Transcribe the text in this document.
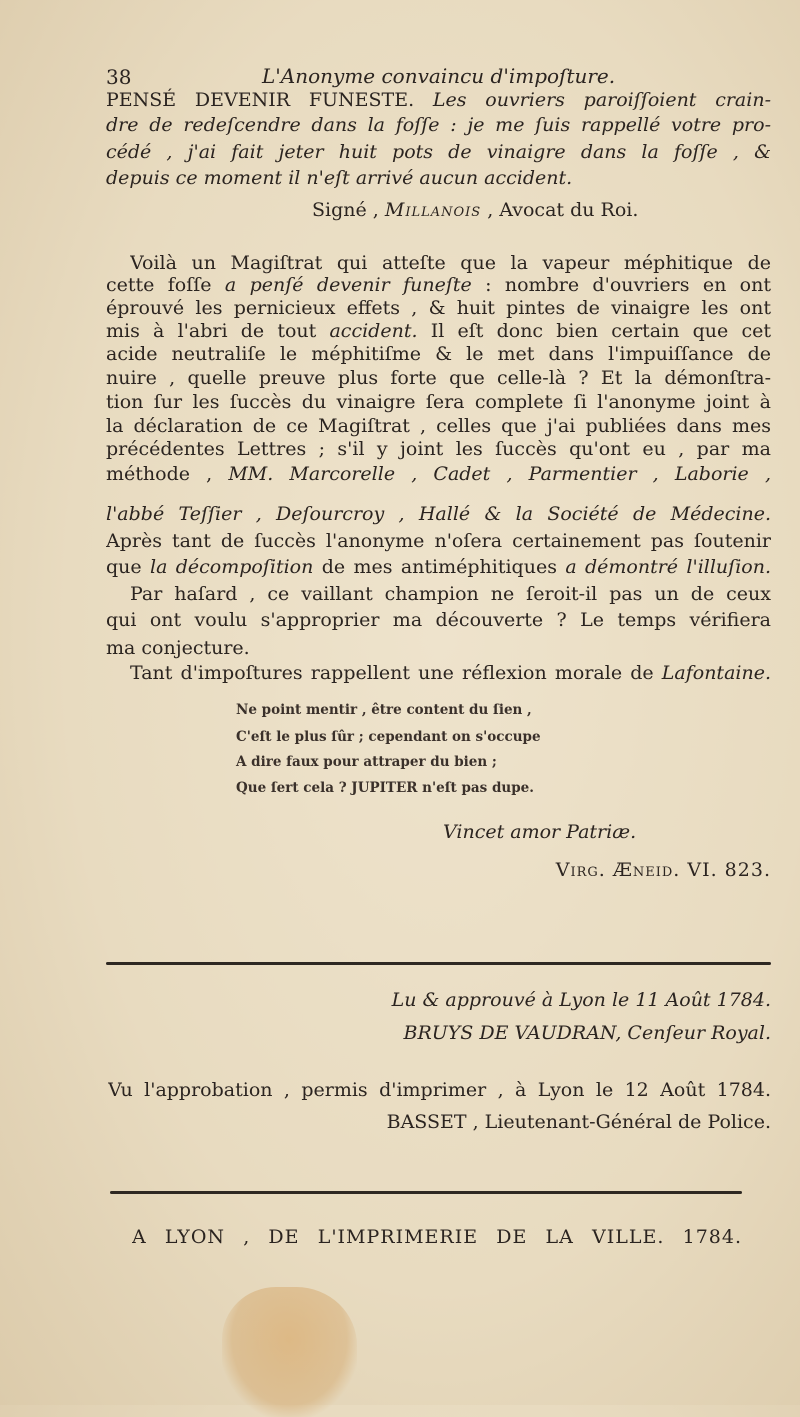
38	L'Anonyme convaincu d'impoſture.
PENSÉ DEVENIR FUNESTE. Les ouvriers paroiſſoient crain-
dre de redeſcendre dans la foſſe : je me ſuis rappellé votre pro-
cédé , j'ai fait jeter huit pots de vinaigre dans la foſſe , &
depuis ce moment il n'eſt arrivé aucun accident.
Signé , Millanois , Avocat du Roi.
Voilà un Magiſtrat qui atteſte que la vapeur méphitique de
cette foſſe a penſé devenir funeſte : nombre d'ouvriers en ont
éprouvé les pernicieux effets , & huit pintes de vinaigre les ont
mis à l'abri de tout accident. Il eſt donc bien certain que cet
acide neutraliſe le méphitiſme & le met dans l'impuiſſance de
nuire , quelle preuve plus forte que celle-là ? Et la démonſtra-
tion ſur les ſuccès du vinaigre ſera complete ſi l'anonyme joint à
la déclaration de ce Magiſtrat , celles que j'ai publiées dans mes
précédentes Lettres ; s'il y joint les ſuccès qu'ont eu , par ma
méthode , MM. Marcorelle , Cadet , Parmentier , Laborie ,
l'abbé Teſſier , Deſourcroy , Hallé & la Société de Médecine.
Après tant de ſuccès l'anonyme n'oſera certainement pas ſoutenir
que la décompoſition de mes antiméphitiques a démontré l'illuſion.
Par haſard , ce vaillant champion ne ſeroit-il pas un de ceux
qui ont voulu s'approprier ma découverte ? Le temps vérifiera
ma conjecture.
Tant d'impoſtures rappellent une réflexion morale de Lafontaine.
Ne point mentir , être content du ſien ,
C'eſt le plus ſûr ; cependant on s'occupe
A dire faux pour attraper du bien ;
Que ſert cela ? JUPITER n'eſt pas dupe.
Vincet amor Patriæ.
Virg. Æneid. VI. 823.
Lu & approuvé à Lyon le 11 Août 1784.
BRUYS DE VAUDRAN, Cenſeur Royal.
Vu l'approbation , permis d'imprimer , à Lyon le 12 Août 1784.
BASSET , Lieutenant-Général de Police.
A LYON , DE L'IMPRIMERIE DE LA VILLE. 1784.
